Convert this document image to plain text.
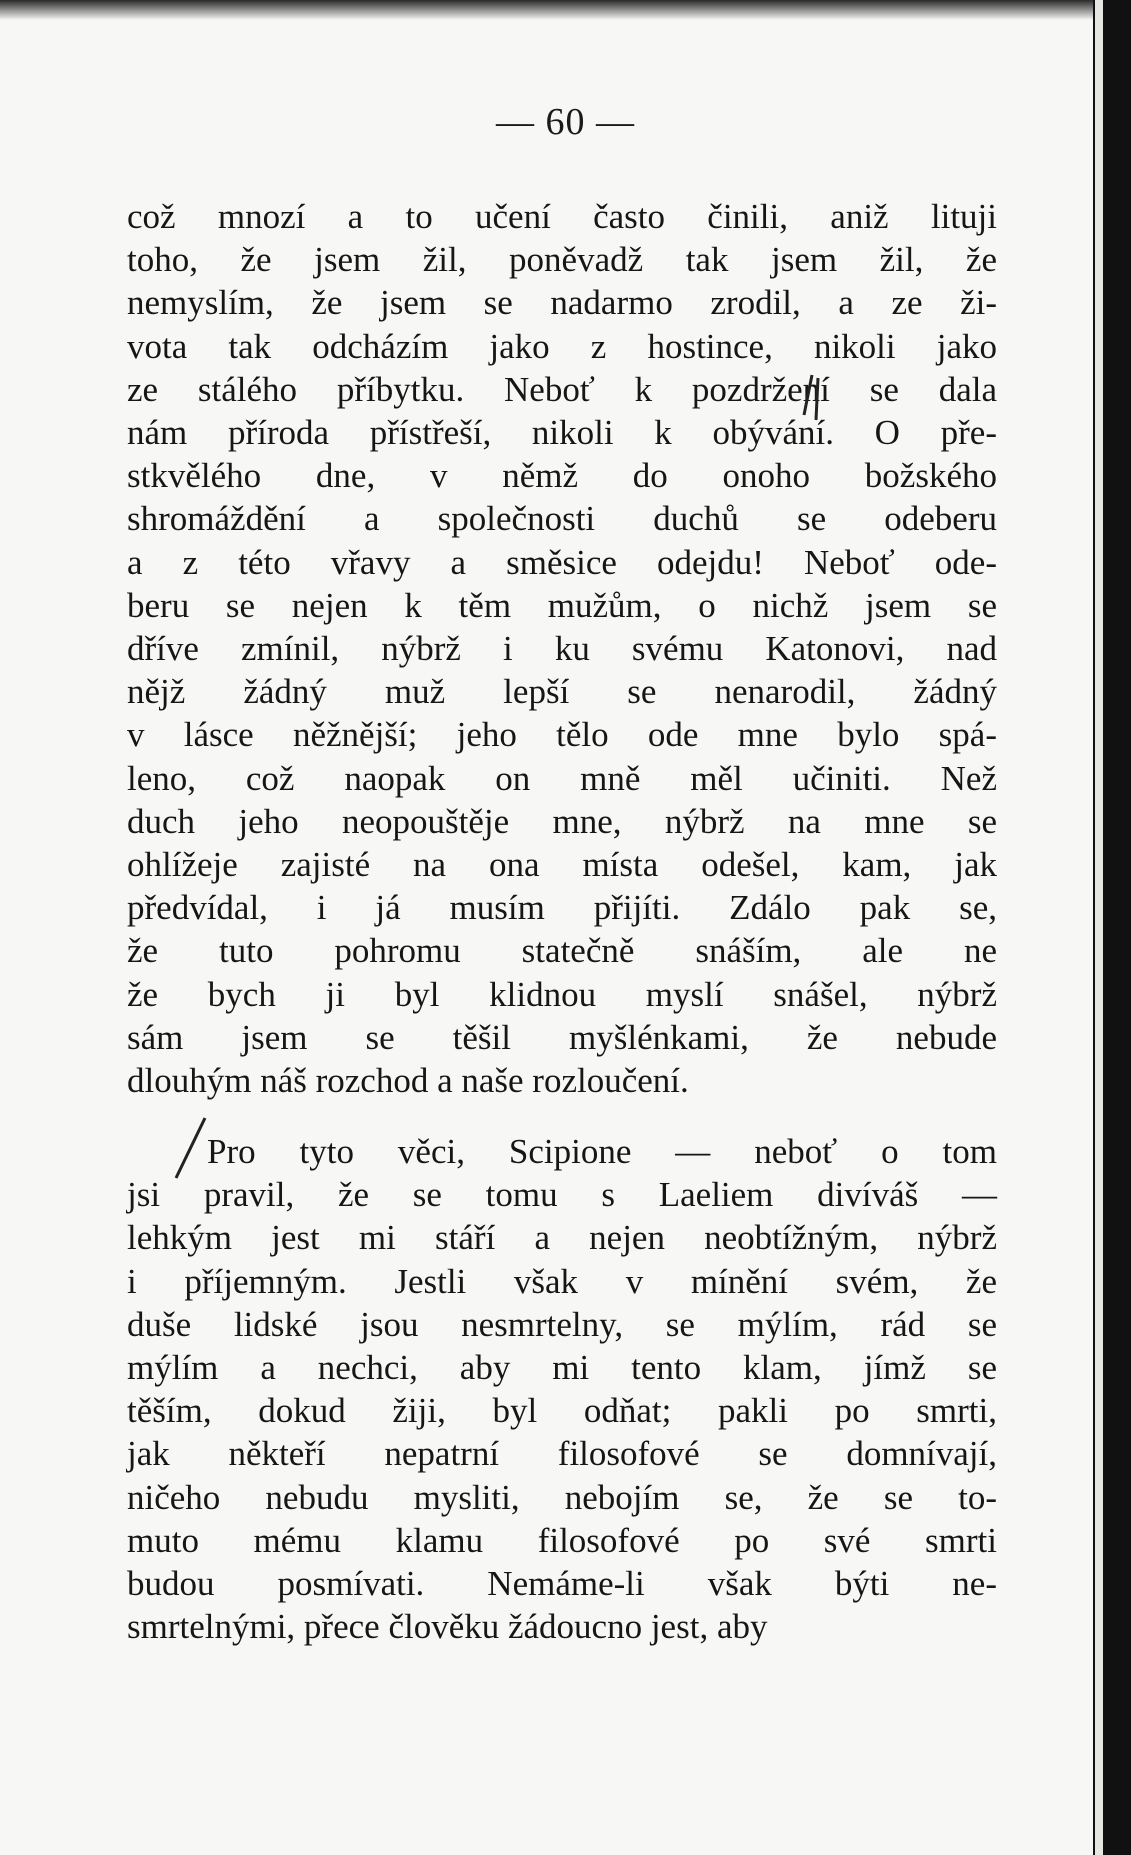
— 60 —
což mnozí a to učení často činili, aniž lituji
toho, že jsem žil, poněvadž tak jsem žil, že
nemyslím, že jsem se nadarmo zrodil, a ze ži-
vota tak odcházím jako z hostince, nikoli jako
ze stálého příbytku. Neboť k pozdržení se dala
nám příroda přístřeší, nikoli k obývání. O pře-
stkvělého dne, v němž do onoho božského
shromáždění a společnosti duchů se odeberu
a z této vřavy a směsice odejdu! Neboť ode-
beru se nejen k těm mužům, o nichž jsem se
dříve zmínil, nýbrž i ku svému Katonovi, nad
nějž žádný muž lepší se nenarodil, žádný
v lásce něžnější; jeho tělo ode mne bylo spá-
leno, což naopak on mně měl učiniti. Než
duch jeho neopouštěje mne, nýbrž na mne se
ohlížeje zajisté na ona místa odešel, kam, jak
předvídal, i já musím přijíti. Zdálo pak se,
že tuto pohromu statečně snáším, ale ne
že bych ji byl klidnou myslí snášel, nýbrž
sám jsem se těšil myšlénkami, že nebude
dlouhým náš rozchod a naše rozloučení.
Pro tyto věci, Scipione — neboť o tom
jsi pravil, že se tomu s Laeliem divíváš —
lehkým jest mi stáří a nejen neobtížným, nýbrž
i příjemným. Jestli však v mínění svém, že
duše lidské jsou nesmrtelny, se mýlím, rád se
mýlím a nechci, aby mi tento klam, jímž se
těším, dokud žiji, byl odňat; pakli po smrti,
jak někteří nepatrní filosofové se domnívají,
ničeho nebudu mysliti, nebojím se, že se to-
muto mému klamu filosofové po své smrti
budou posmívati. Nemáme-li však býti ne-
smrtelnými, přece člověku žádoucno jest, aby
